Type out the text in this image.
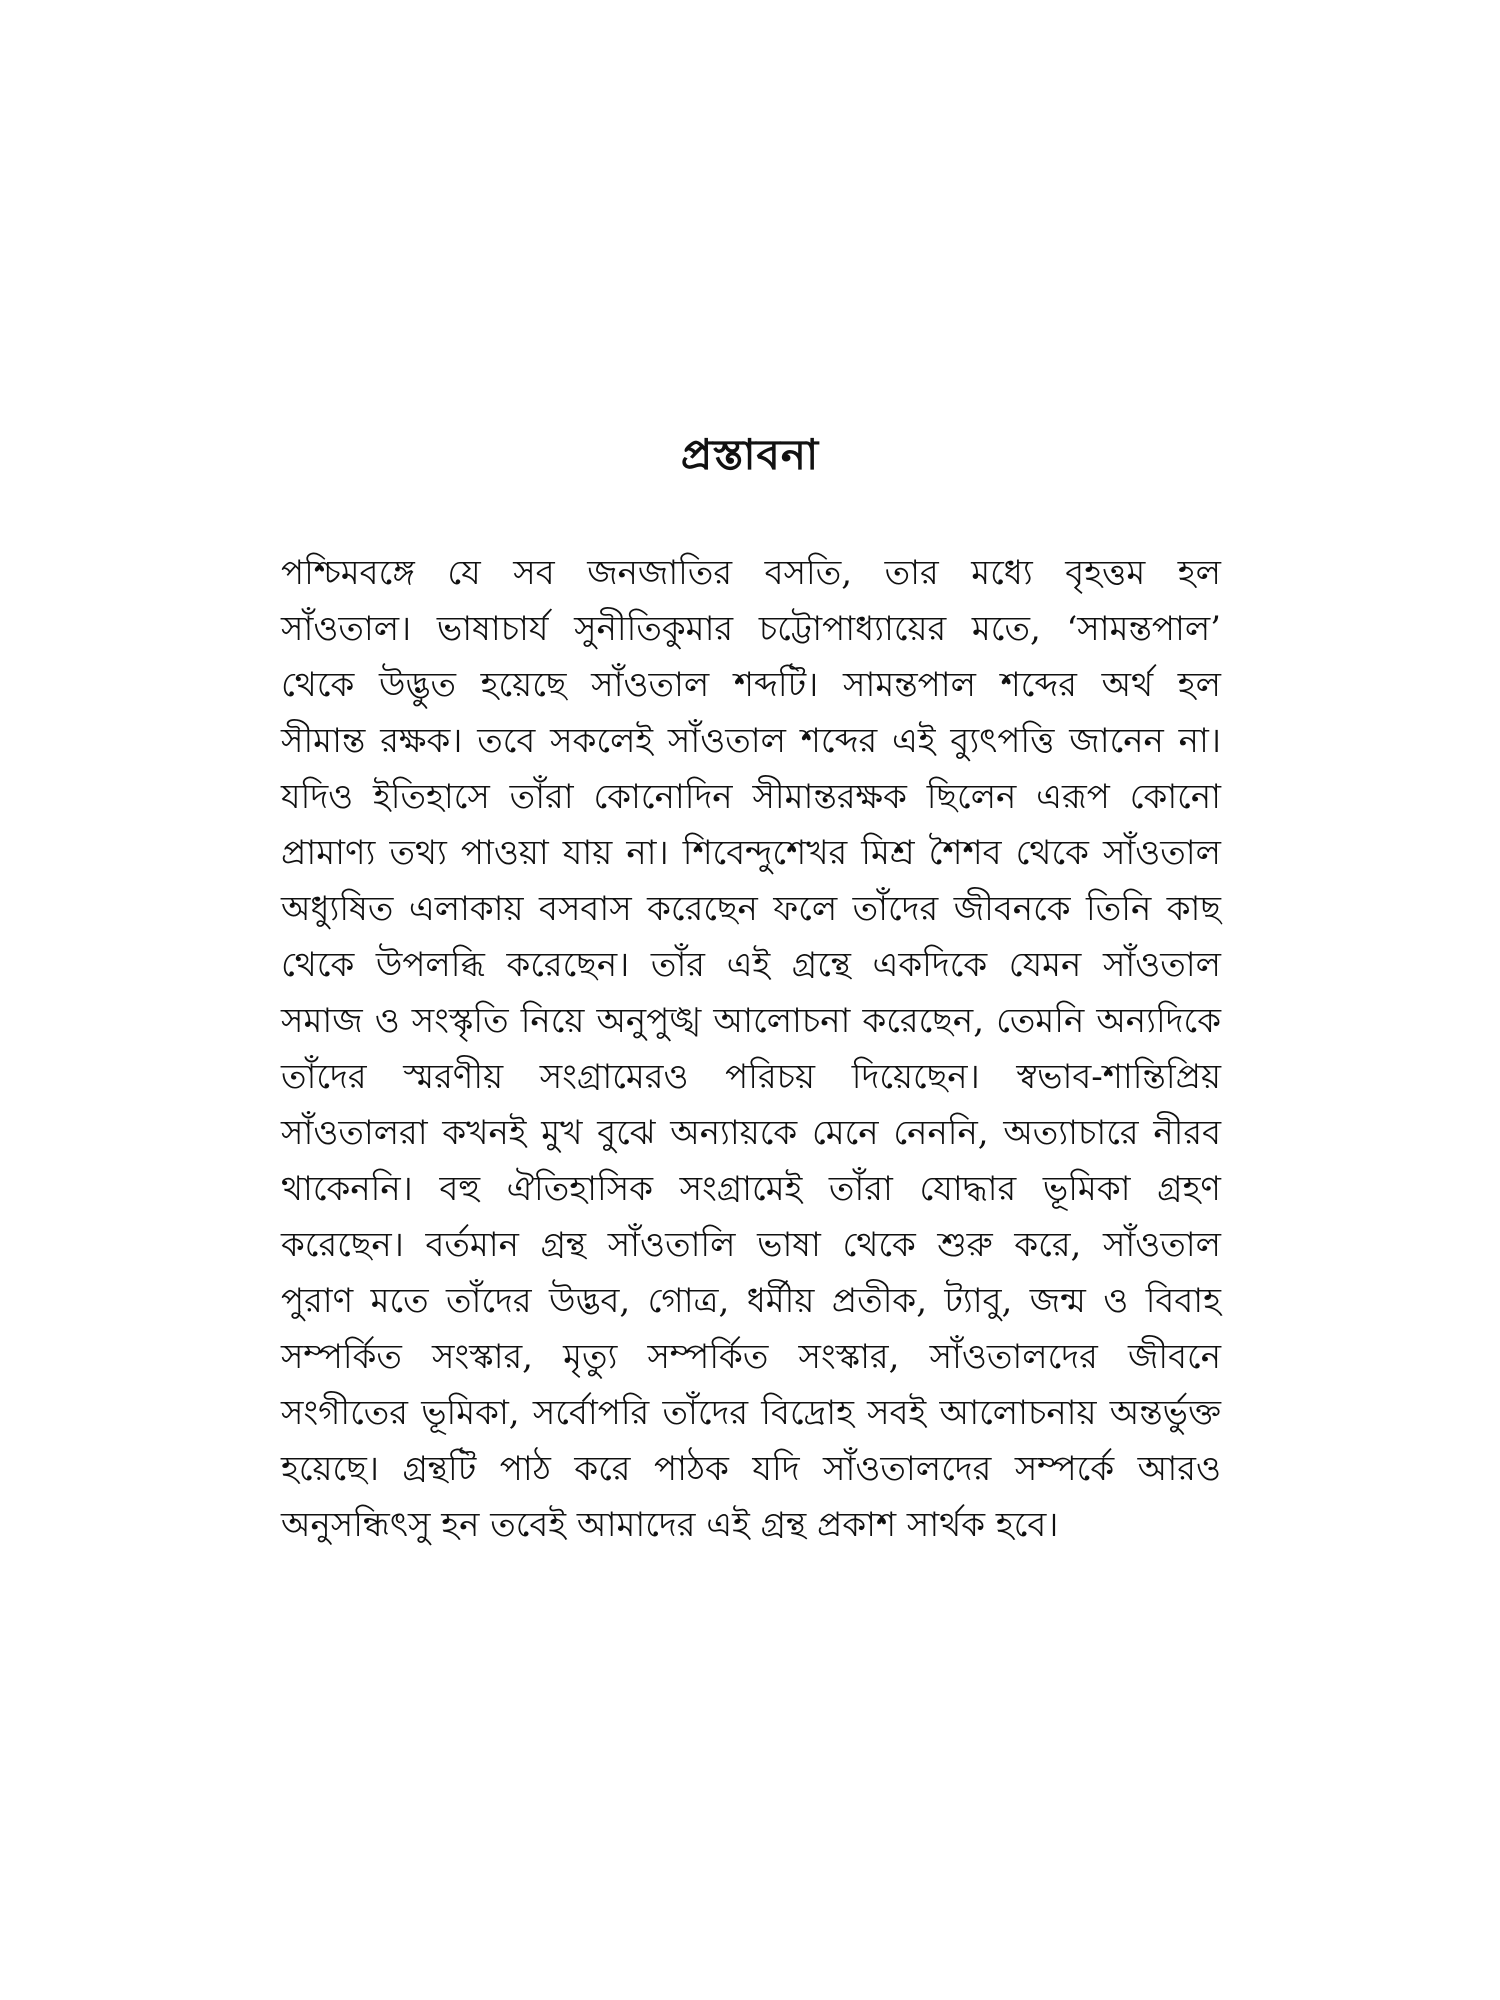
প্রস্তাবনা
পশ্চিমবঙ্গে যে সব জনজাতির বসতি, তার মধ্যে বৃহত্তম হল
সাঁওতাল। ভাষাচার্য সুনীতিকুমার চট্টোপাধ্যায়ের মতে, ‘সামন্তপাল’
থেকে উদ্ভুত হয়েছে সাঁওতাল শব্দটি। সামন্তপাল শব্দের অর্থ হল
সীমান্ত রক্ষক। তবে সকলেই সাঁওতাল শব্দের এই ব্যুৎপত্তি জানেন না।
যদিও ইতিহাসে তাঁরা কোনোদিন সীমান্তরক্ষক ছিলেন এরূপ কোনো
প্রামাণ্য তথ্য পাওয়া যায় না। শিবেন্দুশেখর মিশ্র শৈশব থেকে সাঁওতাল
অধ্যুষিত এলাকায় বসবাস করেছেন ফলে তাঁদের জীবনকে তিনি কাছ
থেকে উপলব্ধি করেছেন। তাঁর এই গ্রন্থে একদিকে যেমন সাঁওতাল
সমাজ ও সংস্কৃতি নিয়ে অনুপুঙ্খ আলোচনা করেছেন, তেমনি অন্যদিকে
তাঁদের স্মরণীয় সংগ্রামেরও পরিচয় দিয়েছেন। স্বভাব-শান্তিপ্রিয়
সাঁওতালরা কখনই মুখ বুঝে অন্যায়কে মেনে নেননি, অত্যাচারে নীরব
থাকেননি। বহু ঐতিহাসিক সংগ্রামেই তাঁরা যোদ্ধার ভূমিকা গ্রহণ
করেছেন। বর্তমান গ্রন্থ সাঁওতালি ভাষা থেকে শুরু করে, সাঁওতাল
পুরাণ মতে তাঁদের উদ্ভব, গোত্র, ধর্মীয় প্রতীক, ট্যাবু, জন্ম ও বিবাহ
সম্পর্কিত সংস্কার, মৃত্যু সম্পর্কিত সংস্কার, সাঁওতালদের জীবনে
সংগীতের ভূমিকা, সর্বোপরি তাঁদের বিদ্রোহ সবই আলোচনায় অন্তর্ভুক্ত
হয়েছে। গ্রন্থটি পাঠ করে পাঠক যদি সাঁওতালদের সম্পর্কে আরও
অনুসন্ধিৎসু হন তবেই আমাদের এই গ্রন্থ প্রকাশ সার্থক হবে।
